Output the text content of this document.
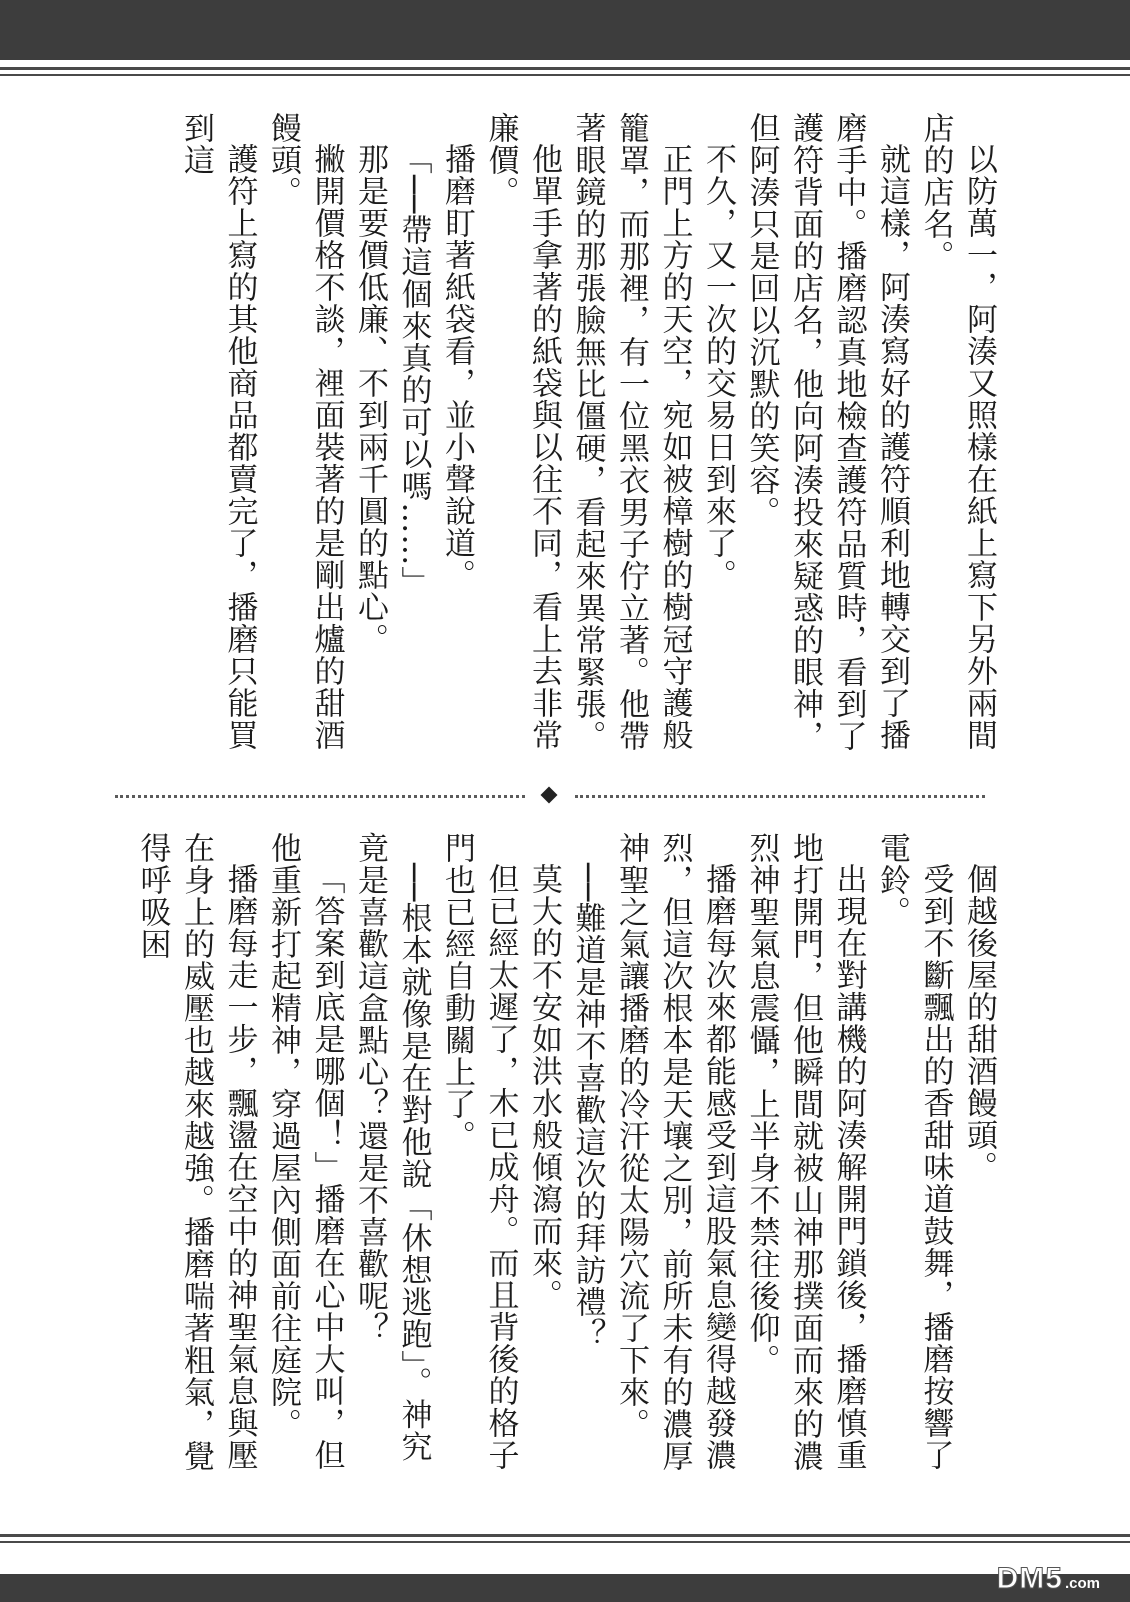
以防萬一，阿湊又照樣在紙上寫下另外兩間店的店名。

就這樣，阿湊寫好的護符順利地轉交到了播磨手中。播磨認真地檢查護符品質時，看到了護符背面的店名，他向阿湊投來疑惑的眼神，但阿湊只是回以沉默的笑容。

不久，又一次的交易日到來了。

正門上方的天空，宛如被樟樹的樹冠守護般籠罩，而那裡，有一位黑衣男子佇立著。他帶著眼鏡的那張臉無比僵硬，看起來異常緊張。

他單手拿著的紙袋與以往不同，看上去非常廉價。

播磨盯著紙袋看，並小聲說道。

「──帶這個來真的可以嗎……」

那是要價低廉、不到兩千圓的點心。

撇開價格不談，裡面裝著的是剛出爐的甜酒饅頭。

護符上寫的其他商品都賣完了，播磨只能買到這

個越後屋的甜酒饅頭。

受到不斷飄出的香甜味道鼓舞，播磨按響了電鈴。

出現在對講機的阿湊解開門鎖後，播磨慎重地打開門，但他瞬間就被山神那撲面而來的濃烈神聖氣息震懾，上半身不禁往後仰。

播磨每次來都能感受到這股氣息變得越發濃烈，但這次根本是天壤之別，前所未有的濃厚神聖之氣讓播磨的冷汗從太陽穴流了下來。

──難道是神不喜歡這次的拜訪禮？

莫大的不安如洪水般傾瀉而來。

但已經太遲了，木已成舟。而且背後的格子門也已經自動關上了。

──根本就像是在對他說「休想逃跑」。神究竟是喜歡這盒點心？還是不喜歡呢？

「答案到底是哪個！」播磨在心中大叫，但他重新打起精神，穿過屋內側面前往庭院。

播磨每走一步，飄盪在空中的神聖氣息與壓在身上的威壓也越來越強。播磨喘著粗氣，覺得呼吸困

DM5 .com
